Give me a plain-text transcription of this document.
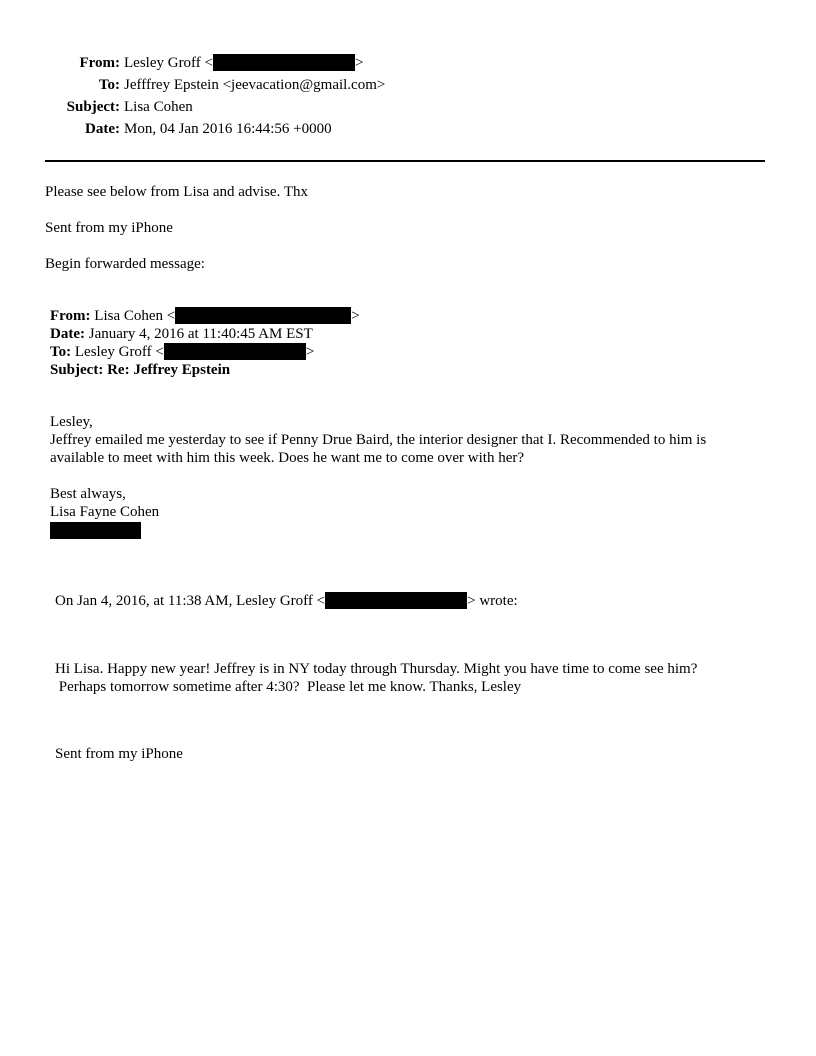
From: Lesley Groff <	>
To: Jefffrey Epstein <jeevacation@gmail.com>
Subject: Lisa Cohen
Date: Mon, 04 Jan 2016 16:44:56 +0000
Please see below from Lisa and advise. Thx
Sent from my iPhone
Begin forwarded message:
From: Lisa Cohen <	>
Date: January 4, 2016 at 11:40:45 AM EST
To: Lesley Groff <	>
Subject: Re: Jeffrey Epstein
Lesley,
Jeffrey emailed me yesterday to see if Penny Drue Baird, the interior designer that I. Recommended to him is
available to meet with him this week. Does he want me to come over with her?
Best always,
Lisa Fayne Cohen
On Jan 4, 2016, at 11:38 AM, Lesley Groff <	> wrote:
Hi Lisa. Happy new year! Jeffrey is in NY today through Thursday. Might you have time to come see him?
Perhaps tomorrow sometime after 4:30?  Please let me know. Thanks, Lesley
Sent from my iPhone
